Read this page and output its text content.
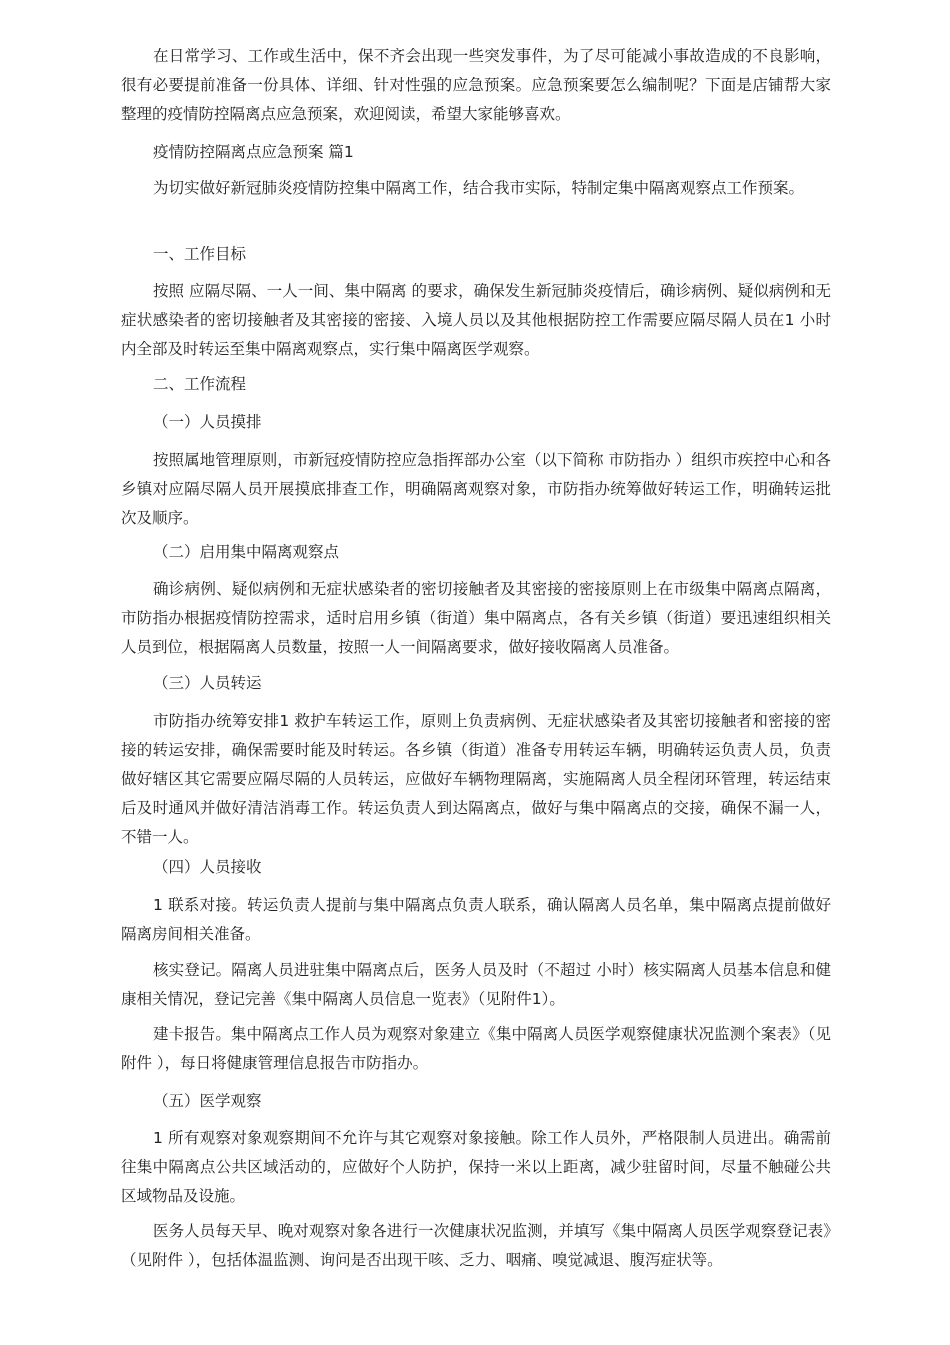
在日常学习、工作或生活中，保不齐会出现一些突发事件，为了尽可能减小事故造成的不良影响，很有必要提前准备一份具体、详细、针对性强的应急预案。应急预案要怎么编制呢？下面是店铺帮大家整理的疫情防控隔离点应急预案，欢迎阅读，希望大家能够喜欢。

疫情防控隔离点应急预案 篇1

为切实做好新冠肺炎疫情防控集中隔离工作，结合我市实际，特制定集中隔离观察点工作预案。

一、工作目标

按照 应隔尽隔、一人一间、集中隔离 的要求，确保发生新冠肺炎疫情后，确诊病例、疑似病例和无症状感染者的密切接触者及其密接的密接、入境人员以及其他根据防控工作需要应隔尽隔人员在1 小时内全部及时转运至集中隔离观察点，实行集中隔离医学观察。

二、工作流程

（一）人员摸排

按照属地管理原则，市新冠疫情防控应急指挥部办公室（以下简称 市防指办 ）组织市疾控中心和各乡镇对应隔尽隔人员开展摸底排查工作，明确隔离观察对象，市防指办统筹做好转运工作，明确转运批次及顺序。

（二）启用集中隔离观察点

确诊病例、疑似病例和无症状感染者的密切接触者及其密接的密接原则上在市级集中隔离点隔离，市防指办根据疫情防控需求，适时启用乡镇（街道）集中隔离点，各有关乡镇（街道）要迅速组织相关人员到位，根据隔离人员数量，按照一人一间隔离要求，做好接收隔离人员准备。

（三）人员转运

市防指办统筹安排1 救护车转运工作，原则上负责病例、无症状感染者及其密切接触者和密接的密接的转运安排，确保需要时能及时转运。各乡镇（街道）准备专用转运车辆，明确转运负责人员，负责做好辖区其它需要应隔尽隔的人员转运，应做好车辆物理隔离，实施隔离人员全程闭环管理，转运结束后及时通风并做好清洁消毒工作。转运负责人到达隔离点，做好与集中隔离点的交接，确保不漏一人，不错一人。

（四）人员接收

1 联系对接。转运负责人提前与集中隔离点负责人联系，确认隔离人员名单，集中隔离点提前做好隔离房间相关准备。

核实登记。隔离人员进驻集中隔离点后，医务人员及时（不超过 小时）核实隔离人员基本信息和健康相关情况，登记完善《集中隔离人员信息一览表》（见附件1）。

建卡报告。集中隔离点工作人员为观察对象建立《集中隔离人员医学观察健康状况监测个案表》（见附件 ），每日将健康管理信息报告市防指办。

（五）医学观察

1 所有观察对象观察期间不允许与其它观察对象接触。除工作人员外，严格限制人员进出。确需前往集中隔离点公共区域活动的，应做好个人防护，保持一米以上距离，减少驻留时间，尽量不触碰公共区域物品及设施。

医务人员每天早、晚对观察对象各进行一次健康状况监测，并填写《集中隔离人员医学观察登记表》（见附件 ），包括体温监测、询问是否出现干咳、乏力、咽痛、嗅觉减退、腹泻症状等。
